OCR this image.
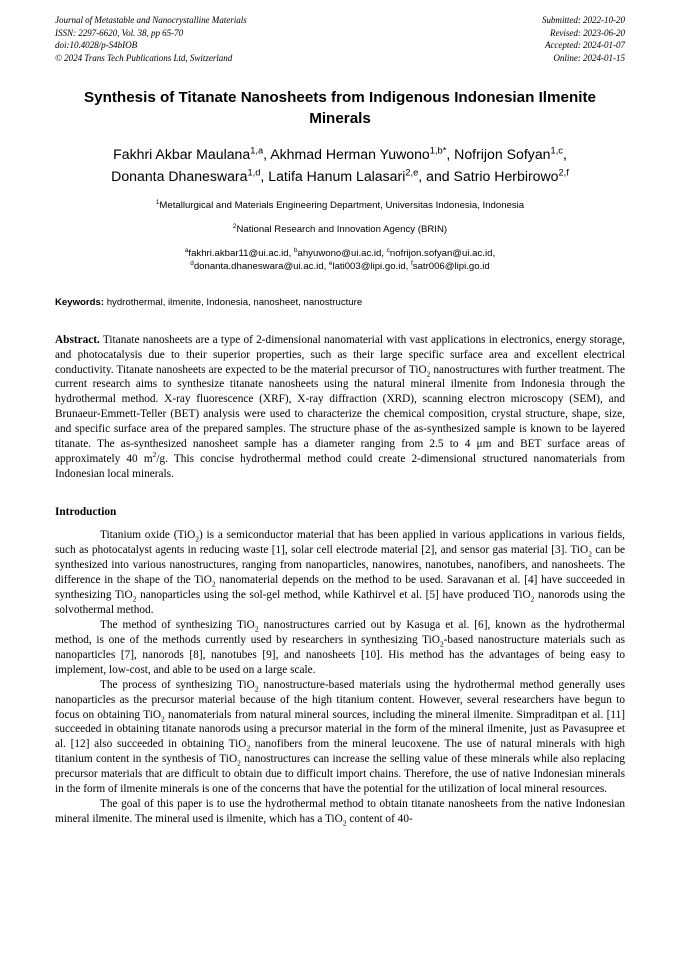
Journal of Metastable and Nanocrystalline Materials
ISSN: 2297-6620, Vol. 38, pp 65-70
doi:10.4028/p-S4bIOB
© 2024 Trans Tech Publications Ltd, Switzerland
Submitted: 2022-10-20
Revised: 2023-06-20
Accepted: 2024-01-07
Online: 2024-01-15
Synthesis of Titanate Nanosheets from Indigenous Indonesian Ilmenite Minerals
Fakhri Akbar Maulana$^{1,a}$, Akhmad Herman Yuwono$^{1,b*}$, Nofrijon Sofyan$^{1,c}$,
Donanta Dhaneswara$^{1,d}$, Latifa Hanum Lalasari$^{2,e}$, and Satrio Herbirowo$^{2,f}$
$^1$Metallurgical and Materials Engineering Department, Universitas Indonesia, Indonesia
$^2$National Research and Innovation Agency (BRIN)
$^a$fakhri.akbar11@ui.ac.id, $^b$ahyuwono@ui.ac.id, $^c$nofrijon.sofyan@ui.ac.id,
$^d$donanta.dhaneswara@ui.ac.id, $^e$lati003@lipi.go.id, $^f$satr006@lipi.go.id
Keywords: hydrothermal, ilmenite, Indonesia, nanosheet, nanostructure
Abstract. Titanate nanosheets are a type of 2-dimensional nanomaterial with vast applications in electronics, energy storage, and photocatalysis due to their superior properties, such as their large specific surface area and excellent electrical conductivity. Titanate nanosheets are expected to be the material precursor of TiO$_2$ nanostructures with further treatment. The current research aims to synthesize titanate nanosheets using the natural mineral ilmenite from Indonesia through the hydrothermal method. X-ray fluorescence (XRF), X-ray diffraction (XRD), scanning electron microscopy (SEM), and Brunaeur-Emmett-Teller (BET) analysis were used to characterize the chemical composition, crystal structure, shape, size, and specific surface area of the prepared samples. The structure phase of the as-synthesized sample is known to be layered titanate. The as-synthesized nanosheet sample has a diameter ranging from 2.5 to 4 μm and BET surface areas of approximately 40 $m^2/g$. This concise hydrothermal method could create 2-dimensional structured nanomaterials from Indonesian local minerals.
Introduction

Titanium oxide (TiO$_2$) is a semiconductor material that has been applied in various applications in various fields, such as photocatalyst agents in reducing waste [1], solar cell electrode material [2], and sensor gas material [3]. TiO$_2$ can be synthesized into various nanostructures, ranging from nanoparticles, nanowires, nanotubes, nanofibers, and nanosheets. The difference in the shape of the TiO$_2$ nanomaterial depends on the method to be used. Saravanan et al. [4] have succeeded in synthesizing TiO$_2$ nanoparticles using the sol-gel method, while Kathirvel et al. [5] have produced TiO$_2$ nanorods using the solvothermal method.

The method of synthesizing TiO$_2$ nanostructures carried out by Kasuga et al. [6], known as the hydrothermal method, is one of the methods currently used by researchers in synthesizing TiO$_2$-based nanostructure materials such as nanoparticles [7], nanorods [8], nanotubes [9], and nanosheets [10]. His method has the advantages of being easy to implement, low-cost, and able to be used on a large scale.

The process of synthesizing TiO$_2$ nanostructure-based materials using the hydrothermal method generally uses nanoparticles as the precursor material because of the high titanium content. However, several researchers have begun to focus on obtaining TiO$_2$ nanomaterials from natural mineral sources, including the mineral ilmenite. Simpraditpan et al. [11] succeeded in obtaining titanate nanorods using a precursor material in the form of the mineral ilmenite, just as Pavasupree et al. [12] also succeeded in obtaining TiO$_2$ nanofibers from the mineral leucoxene. The use of natural minerals with high titanium content in the synthesis of TiO$_2$ nanostructures can increase the selling value of these minerals while also replacing precursor materials that are difficult to obtain due to difficult import chains. Therefore, the use of native Indonesian minerals in the form of ilmenite minerals is one of the concerns that have the potential for the utilization of local mineral resources.

The goal of this paper is to use the hydrothermal method to obtain titanate nanosheets from the native Indonesian mineral ilmenite. The mineral used is ilmenite, which has a TiO$_2$ content of 40-
